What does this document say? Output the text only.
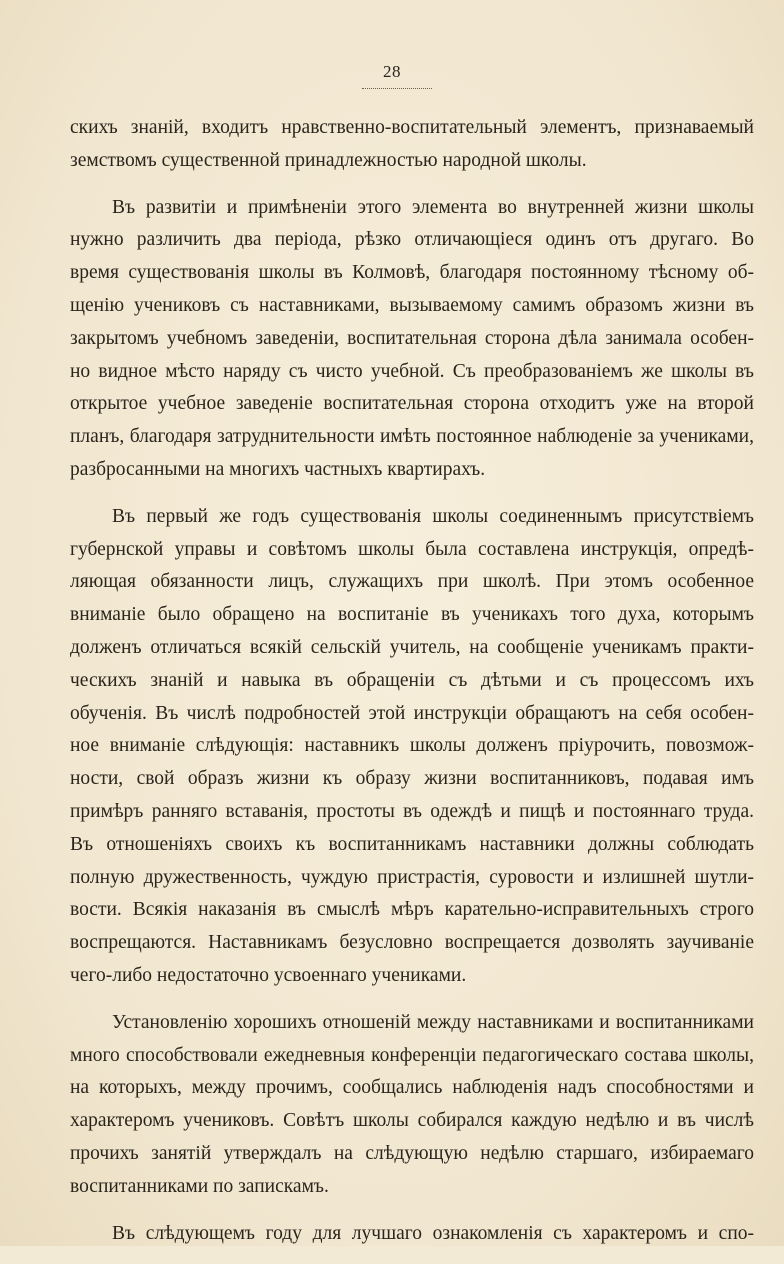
28

скихъ знаній, входитъ нравственно-воспитательный элементъ, признаваемый
земствомъ существенной принадлежностью народной школы.

Въ развитіи и примѣненіи этого элемента во внутренней жизни школы
нужно различить два періода, рѣзко отличающіеся одинъ отъ другаго. Во
время существованія школы въ Колмовѣ, благодаря постоянному тѣсному об-
щенію учениковъ съ наставниками, вызываемому самимъ образомъ жизни въ
закрытомъ учебномъ заведеніи, воспитательная сторона дѣла занимала особен-
но видное мѣсто наряду съ чисто учебной. Съ преобразованіемъ же школы въ
открытое учебное заведеніе воспитательная сторона отходитъ уже на второй
планъ, благодаря затруднительности имѣть постоянное наблюденіе за учениками,
разбросанными на многихъ частныхъ квартирахъ.

Въ первый же годъ существованія школы соединеннымъ присутствіемъ
губернской управы и совѣтомъ школы была составлена инструкція, опредѣ-
ляющая обязанности лицъ, служащихъ при школѣ. При этомъ особенное
вниманіе было обращено на воспитаніе въ ученикахъ того духа, которымъ
долженъ отличаться всякій сельскій учитель, на сообщеніе ученикамъ практи-
ческихъ знаній и навыка въ обращеніи съ дѣтьми и съ процессомъ ихъ
обученія. Въ числѣ подробностей этой инструкціи обращаютъ на себя особен-
ное вниманіе слѣдующія: наставникъ школы долженъ пріурочить, повозмож-
ности, свой образъ жизни къ образу жизни воспитанниковъ, подавая имъ
примѣръ ранняго вставанія, простоты въ одеждѣ и пищѣ и постояннаго труда.
Въ отношеніяхъ своихъ къ воспитанникамъ наставники должны соблюдать
полную дружественность, чуждую пристрастія, суровости и излишней шутли-
вости. Всякія наказанія въ смыслѣ мѣръ карательно-исправительныхъ строго
воспрещаются. Наставникамъ безусловно воспрещается дозволять заучиваніе
чего-либо недостаточно усвоеннаго учениками.

Установленію хорошихъ отношеній между наставниками и воспитанниками
много способствовали ежедневныя конференціи педагогическаго состава школы,
на которыхъ, между прочимъ, сообщались наблюденія надъ способностями и
характеромъ учениковъ. Совѣтъ школы собирался каждую недѣлю и въ числѣ
прочихъ занятій утверждалъ на слѣдующую недѣлю старшаго, избираемаго
воспитанниками по запискамъ.

Въ слѣдующемъ году для лучшаго ознакомленія съ характеромъ и спо-
